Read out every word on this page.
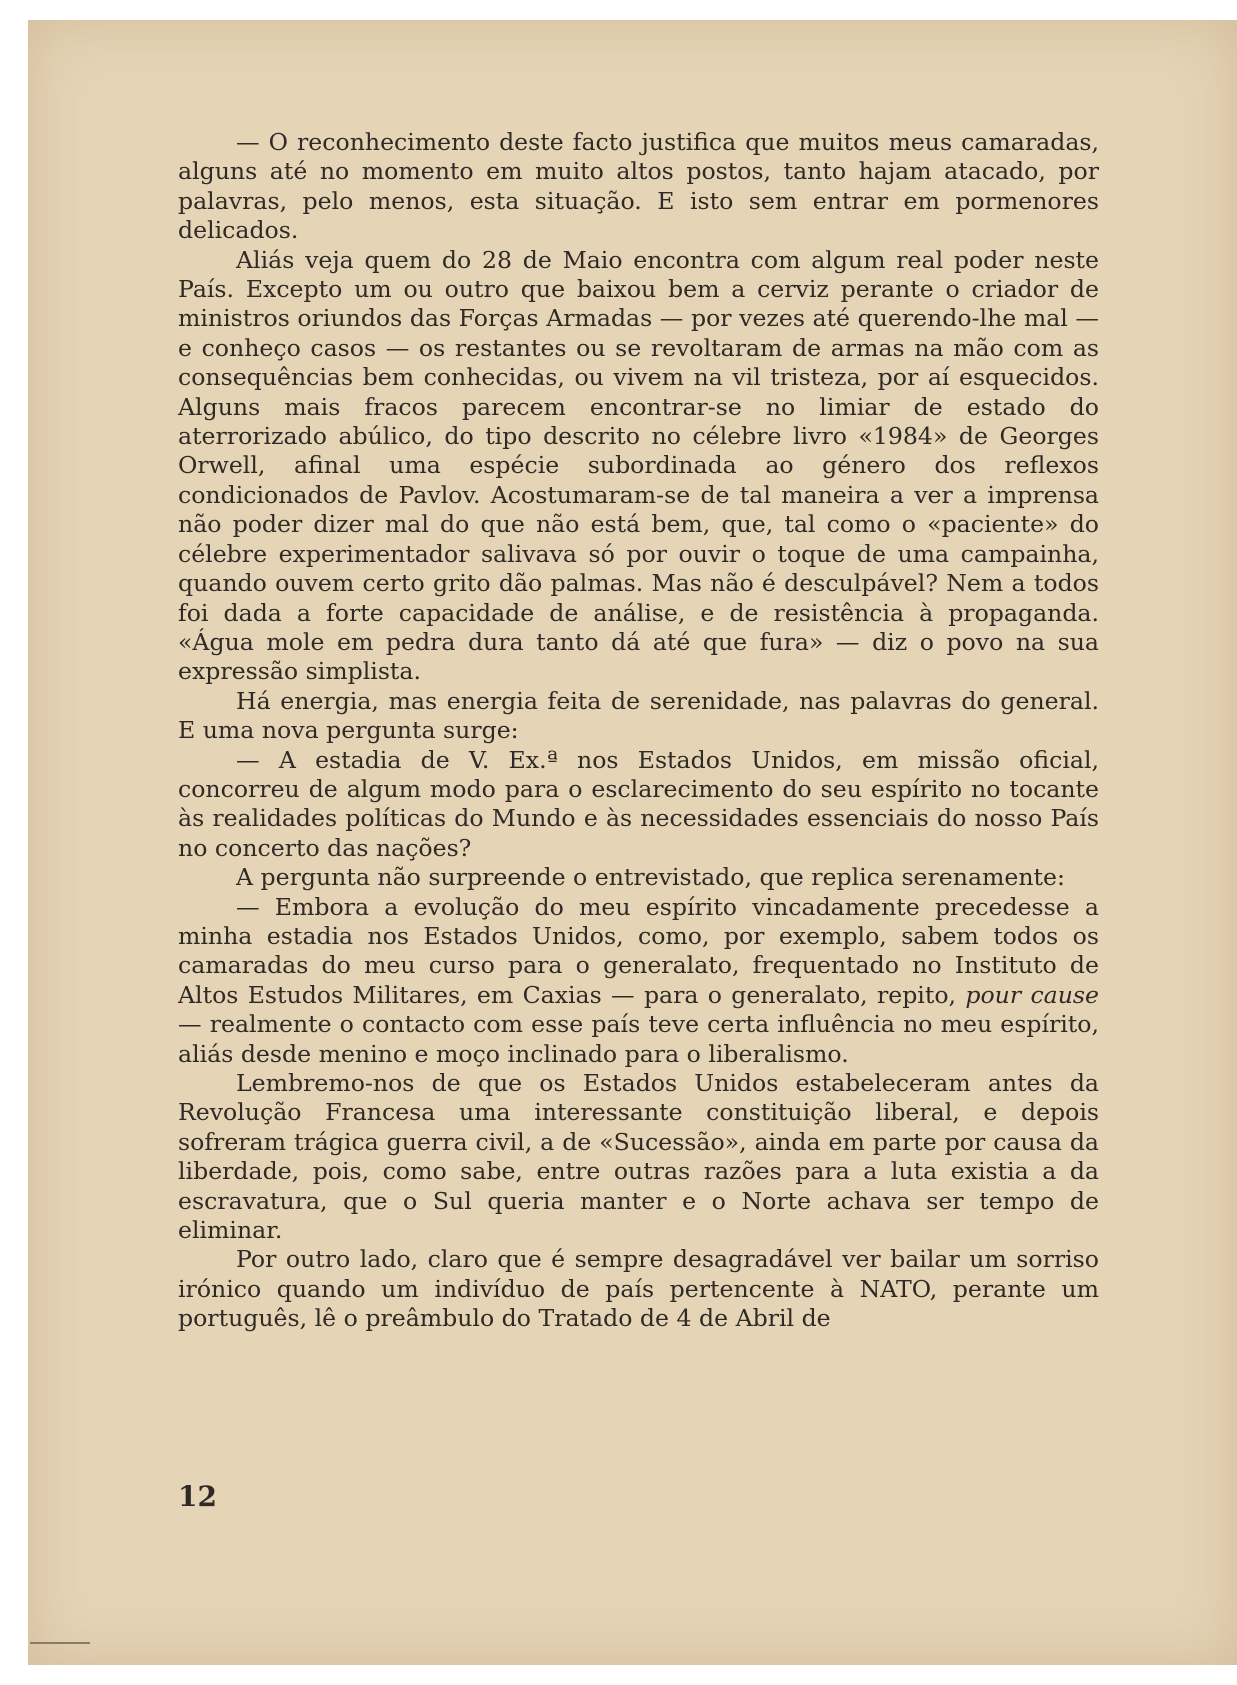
— O reconhecimento deste facto justifica que muitos meus camaradas, alguns até no momento em muito altos postos, tanto hajam atacado, por palavras, pelo menos, esta situação. E isto sem entrar em pormenores delicados.

Aliás veja quem do 28 de Maio encontra com algum real poder neste País. Excepto um ou outro que baixou bem a cerviz perante o criador de ministros oriundos das Forças Armadas — por vezes até querendo-lhe mal — e conheço casos — os restantes ou se revoltaram de armas na mão com as consequências bem conhecidas, ou vivem na vil tristeza, por aí esquecidos. Alguns mais fracos parecem encontrar-se no limiar de estado do aterrorizado abúlico, do tipo descrito no célebre livro «1984» de Georges Orwell, afinal uma espécie subordinada ao género dos reflexos condicionados de Pavlov. Acostumaram-se de tal maneira a ver a imprensa não poder dizer mal do que não está bem, que, tal como o «paciente» do célebre experimentador salivava só por ouvir o toque de uma campainha, quando ouvem certo grito dão palmas. Mas não é desculpável? Nem a todos foi dada a forte capacidade de análise, e de resistência à propaganda. «Água mole em pedra dura tanto dá até que fura» — diz o povo na sua expressão simplista.

Há energia, mas energia feita de serenidade, nas palavras do general. E uma nova pergunta surge:

— A estadia de V. Ex.ª nos Estados Unidos, em missão oficial, concorreu de algum modo para o esclarecimento do seu espírito no tocante às realidades políticas do Mundo e às necessidades essenciais do nosso País no concerto das nações?

A pergunta não surpreende o entrevistado, que replica serenamente:

— Embora a evolução do meu espírito vincadamente precedesse a minha estadia nos Estados Unidos, como, por exemplo, sabem todos os camaradas do meu curso para o generalato, frequentado no Instituto de Altos Estudos Militares, em Caxias — para o generalato, repito, pour cause — realmente o contacto com esse país teve certa influência no meu espírito, aliás desde menino e moço inclinado para o liberalismo.

Lembremo-nos de que os Estados Unidos estabeleceram antes da Revolução Francesa uma interessante constituição liberal, e depois sofreram trágica guerra civil, a de «Sucessão», ainda em parte por causa da liberdade, pois, como sabe, entre outras razões para a luta existia a da escravatura, que o Sul queria manter e o Norte achava ser tempo de eliminar.

Por outro lado, claro que é sempre desagradável ver bailar um sorriso irónico quando um indivíduo de país pertencente à NATO, perante um português, lê o preâmbulo do Tratado de 4 de Abril de

12
